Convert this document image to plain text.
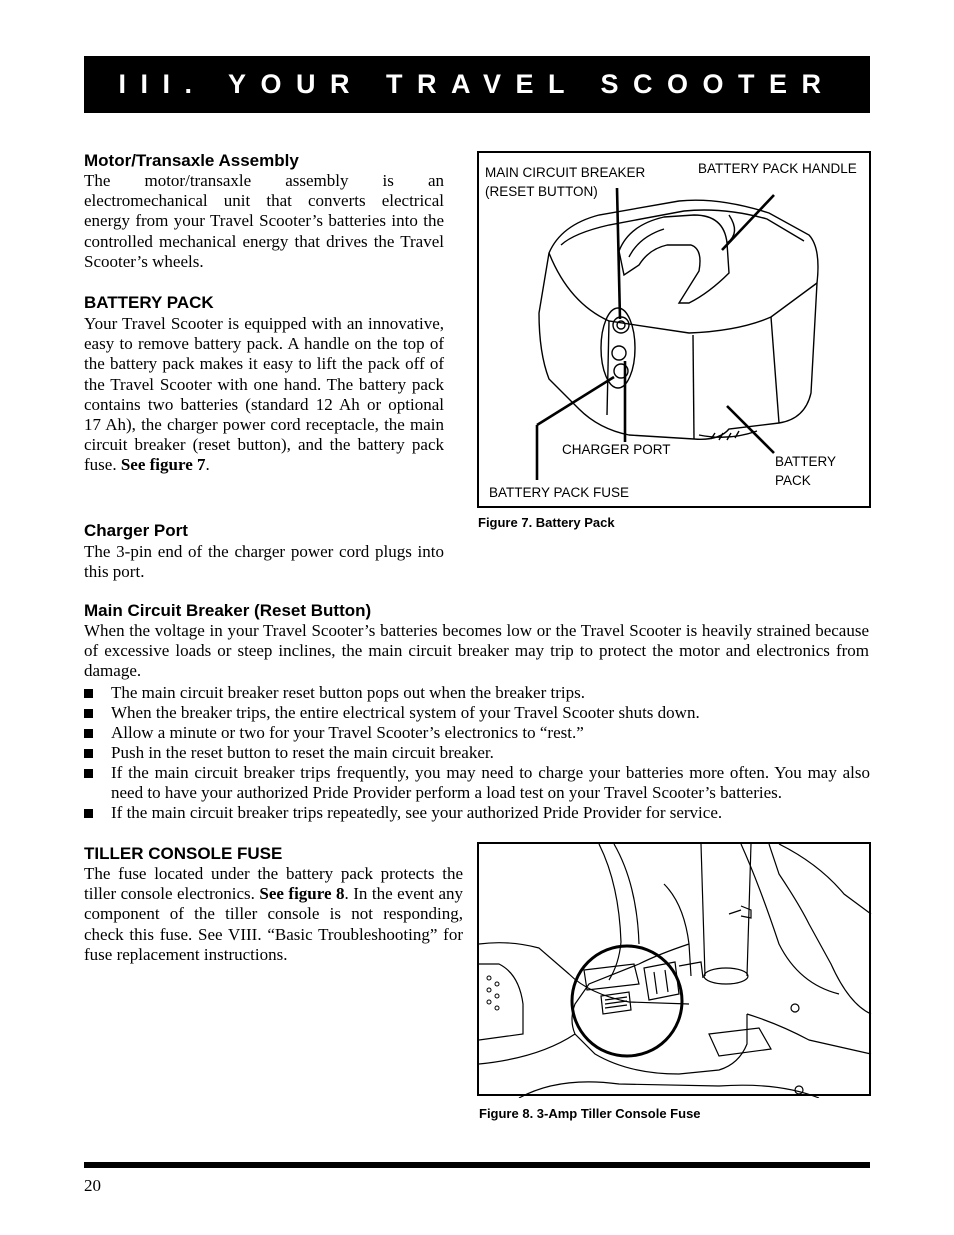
III. YOUR TRAVEL SCOOTER
Motor/Transaxle Assembly

The motor/transaxle assembly is an electromechanical unit that converts electrical energy from your Travel Scooter’s batteries into the controlled mechanical energy that drives the Travel Scooter’s wheels.

BATTERY PACK

Your Travel Scooter is equipped with an innovative, easy to remove battery pack. A handle on the top of the battery pack makes it easy to lift the pack off of the Travel Scooter with one hand. The battery pack contains two batteries (standard 12 Ah or optional 17 Ah), the charger power cord receptacle, the main circuit breaker (reset button), and the battery pack fuse. See figure 7.

Charger Port

The 3-pin end of the charger power cord plugs into this port.

MAIN CIRCUIT BREAKER
(RESET BUTTON)
BATTERY PACK HANDLE
CHARGER PORT
BATTERY
PACK
BATTERY PACK FUSE
Figure 7. Battery Pack
Main Circuit Breaker (Reset Button)

When the voltage in your Travel Scooter’s batteries becomes low or the Travel Scooter is heavily strained because of excessive loads or steep inclines, the main circuit breaker may trip to protect the motor and electronics from damage.

The main circuit breaker reset button pops out when the breaker trips.
When the breaker trips, the entire electrical system of your Travel Scooter shuts down.
Allow a minute or two for your Travel Scooter’s electronics to “rest.”
Push in the reset button to reset the main circuit breaker.
If the main circuit breaker trips frequently, you may need to charge your batteries more often. You may also need to have your authorized Pride Provider perform a load test on your Travel Scooter’s batteries.
If the main circuit breaker trips repeatedly, see your authorized Pride Provider for service.
TILLER CONSOLE FUSE

The fuse located under the battery pack protects the tiller console electronics. See figure 8. In the event any component of the tiller console is not responding, check this fuse. See VIII. “Basic Troubleshooting” for fuse replacement instructions.

Figure 8. 3-Amp Tiller Console Fuse
20
